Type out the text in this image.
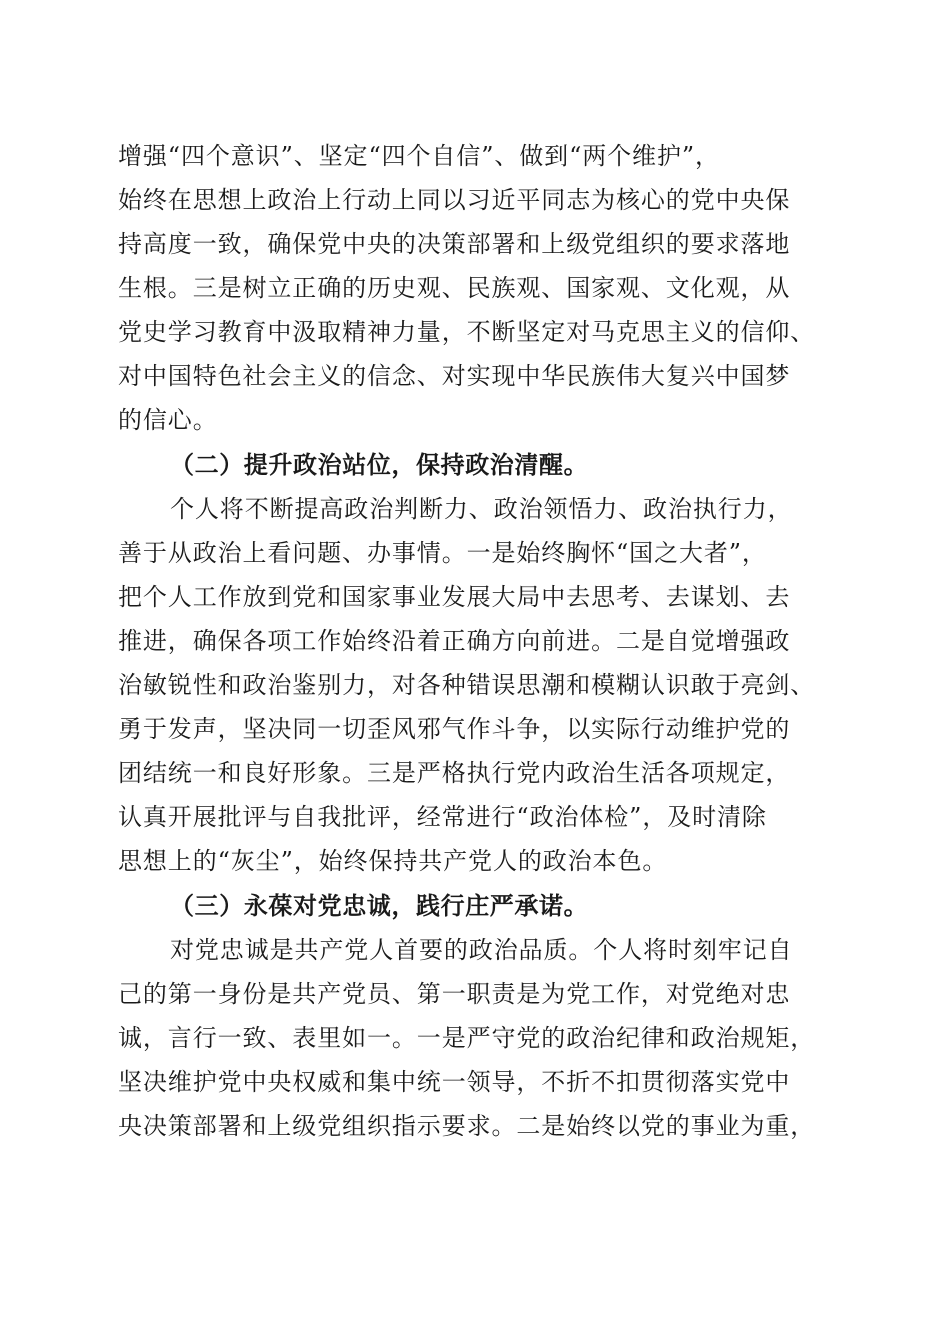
增强“四个意识”、坚定“四个自信”、做到“两个维护”，
始终在思想上政治上行动上同以习近平同志为核心的党中央保
持高度一致，确保党中央的决策部署和上级党组织的要求落地
生根。三是树立正确的历史观、民族观、国家观、文化观，从
党史学习教育中汲取精神力量，不断坚定对马克思主义的信仰、
对中国特色社会主义的信念、对实现中华民族伟大复兴中国梦
的信心。
（二）提升政治站位，保持政治清醒。
个人将不断提高政治判断力、政治领悟力、政治执行力，
善于从政治上看问题、办事情。一是始终胸怀“国之大者”，
把个人工作放到党和国家事业发展大局中去思考、去谋划、去
推进，确保各项工作始终沿着正确方向前进。二是自觉增强政
治敏锐性和政治鉴别力，对各种错误思潮和模糊认识敢于亮剑、
勇于发声，坚决同一切歪风邪气作斗争，以实际行动维护党的
团结统一和良好形象。三是严格执行党内政治生活各项规定，
认真开展批评与自我批评，经常进行“政治体检”，及时清除
思想上的“灰尘”，始终保持共产党人的政治本色。
（三）永葆对党忠诚，践行庄严承诺。
对党忠诚是共产党人首要的政治品质。个人将时刻牢记自
己的第一身份是共产党员、第一职责是为党工作，对党绝对忠
诚，言行一致、表里如一。一是严守党的政治纪律和政治规矩，
坚决维护党中央权威和集中统一领导，不折不扣贯彻落实党中
央决策部署和上级党组织指示要求。二是始终以党的事业为重，
